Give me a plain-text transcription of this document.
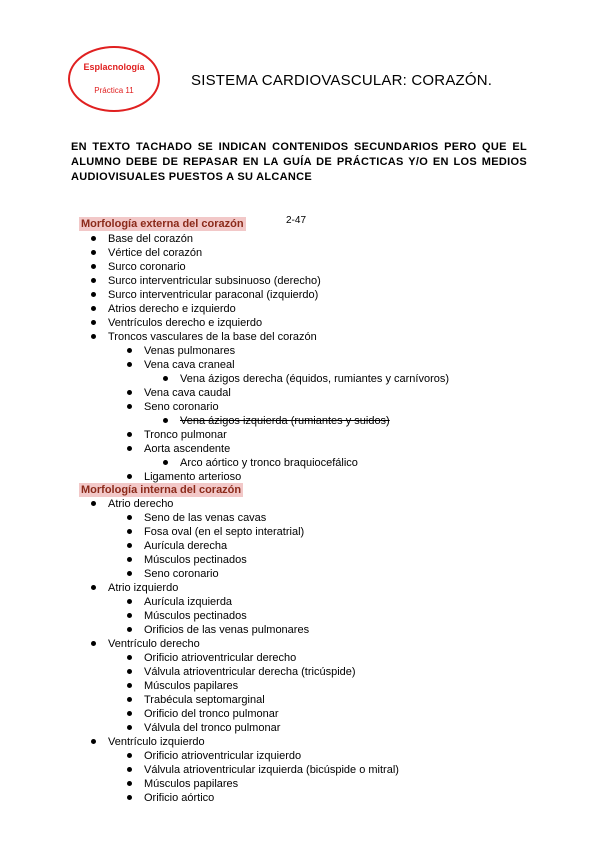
Esplacnología
Práctica 11
SISTEMA CARDIOVASCULAR: CORAZÓN.
EN TEXTO TACHADO SE INDICAN CONTENIDOS SECUNDARIOS PERO QUE EL ALUMNO DEBE DE REPASAR EN LA GUÍA DE PRÁCTICAS Y/O EN LOS MEDIOS AUDIOVISUALES PUESTOS A SU ALCANCE
Morfología externa del corazón	2-47
Base del corazón
Vértice del corazón
Surco coronario
Surco interventricular subsinuoso (derecho)
Surco interventricular paraconal (izquierdo)
Atrios derecho e izquierdo
Ventrículos derecho e izquierdo
Troncos vasculares de la base del corazón
Venas pulmonares
Vena cava craneal
Vena ázigos derecha (équidos, rumiantes y carnívoros)
Vena cava caudal
Seno coronario
Vena ázigos izquierda (rumiantes y suidos)
Tronco pulmonar
Aorta ascendente
Arco aórtico y tronco braquiocefálico
Ligamento arterioso
Morfología interna del corazón
Atrio derecho
Seno de las venas cavas
Fosa oval (en el septo interatrial)
Aurícula derecha
Músculos pectinados
Seno coronario
Atrio izquierdo
Aurícula izquierda
Músculos pectinados
Orificios de las venas pulmonares
Ventrículo derecho
Orificio atrioventricular derecho
Válvula atrioventricular derecha (tricúspide)
Músculos papilares
Trabécula septomarginal
Orificio del tronco pulmonar
Válvula del tronco pulmonar
Ventrículo izquierdo
Orificio atrioventricular izquierdo
Válvula atrioventricular izquierda (bicúspide o mitral)
Músculos papilares
Orificio aórtico
